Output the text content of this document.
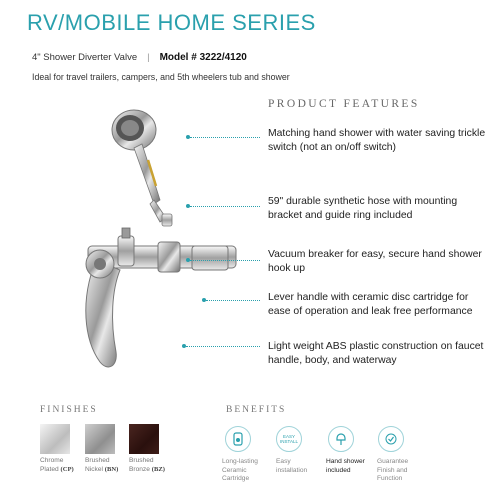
RV/MOBILE HOME SERIES
4" Shower Diverter Valve | Model # 3222/4120
Ideal for travel trailers, campers, and 5th wheelers tub and shower
PRODUCT FEATURES
Matching hand shower with water saving trickle switch (not an on/off switch)
59" durable synthetic hose with mounting bracket and guide ring included
Vacuum breaker for easy, secure hand shower hook up
Lever handle with ceramic disc cartridge for ease of operation and leak free performance
Light weight ABS plastic construction on faucet handle, body, and waterway
FINISHES
Chrome
Plated (CP)
Brushed
Nickel (BN)
Brushed
Bronze (BZ)
BENEFITS
Long-lasting
Ceramic
Cartridge
EASY INSTALL
Easy
installation
Hand shower
included
Guarantee
Finish and
Function
